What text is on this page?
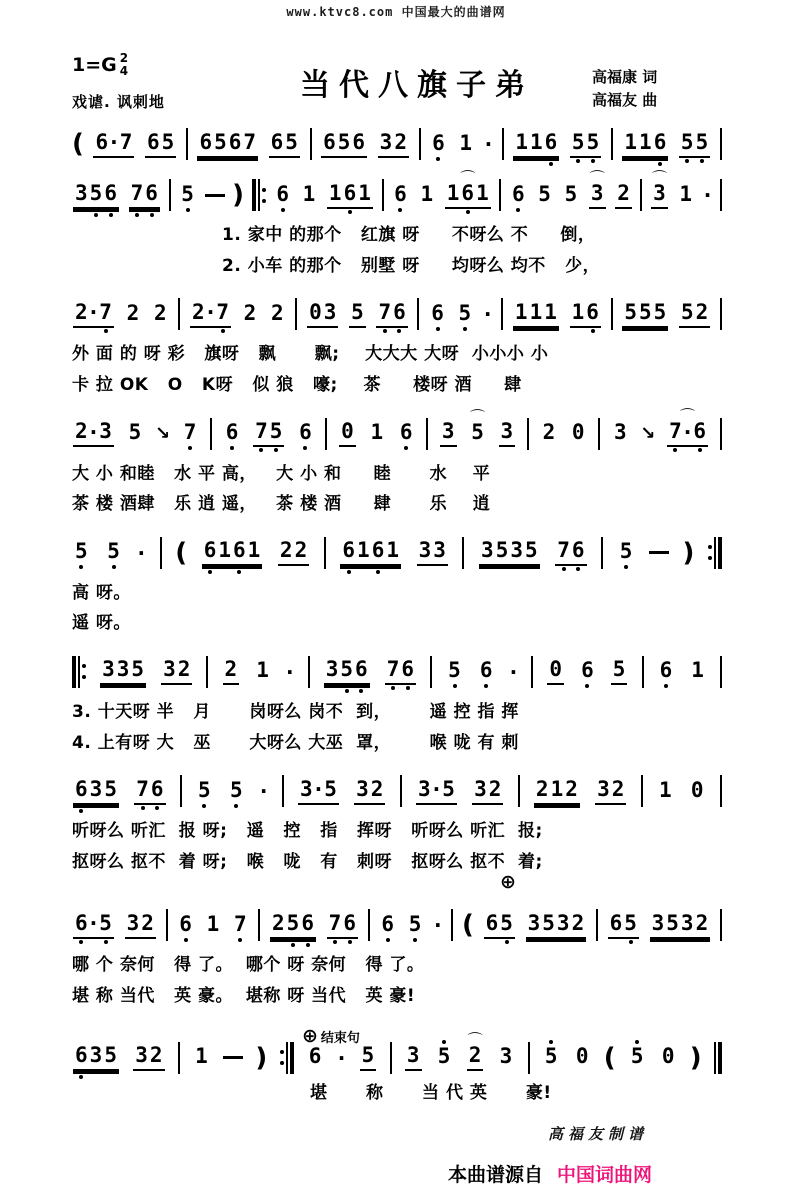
www.ktvc8.com 中国最大的曲谱网
1=G 2
4
戏谑. 讽刺地	当代八旗子弟	高福康 词
高福友 曲
( 6 · 7 6 5 6 5 6 7 6 5 6 5 6 3 2 6 1 · 1 1 6 5 5 1 1 6 5 5
3 5 6 7 6 5 ) 6 1 1 6 1 6 1 ⌒ 1 6 1 6 5 5 ⌒ 3 2 ⌒ 3 1 ·
1. 家中 的那个   红旗 呀     不呀么 不     倒，
2. 小车 的那个   别墅 呀     均呀么 均不   少，
2 · 7 2 2 2 · 7 2 2 0 3 5 7 6 6 5 · 1 1 1 1 6 5 5 5 5 2
外 面 的 呀 彩   旗呀   飘      飘;    大大大 大呀  小小小 小
卡 拉 OK   O   K呀   似 狼   嚎;    茶     楼呀 酒     肆
2 · 3 5 ↘ 7 6 7 5 6 0 1 6 3 ⌒ 5 3 2 0 3 ↘ ⌒ 7 · 6
大 小 和睦   水 平 高，   大 小 和     睦      水    平
茶 楼 酒肆   乐 逍 遥，   茶 楼 酒     肆      乐    逍
5 5 · ( 6 1 6 1 2 2 6 1 6 1 3 3 3 5 3 5 7 6 5 )
高 呀。
遥 呀。
3 3 5 3 2 2 1 · 3 5 6 7 6 5 6 · 0 6 5 6 1
3. 十天呀 半   月      岗呀么 岗不  到，      遥 控 指 挥
4. 上有呀 大   巫      大呀么 大巫  罩，      喉 咙 有 刺
6 3 5 7 6 5 5 · 3 · 5 3 2 3 · 5 3 2 2 1 2 3 2 1 0
听呀么 听汇  报 呀;   遥   控   指   挥呀   听呀么 听汇  报;
抠呀么 抠不  着 呀;   喉   咙   有   刺呀   抠呀么 抠不  着;
⊕
6 · 5 3 2 6 1 7 2 5 6 7 6 6 5 · ( 6 5 3 5 3 2 6 5 3 5 3 2
哪 个 奈何   得 了。  哪个 呀 奈何   得 了。
堪 称 当代   英 豪。  堪称 呀 当代   英 豪!
⊕ 结束句
6 3 5 3 2 1 ) 6 · 5 3 5 ⌒ 2 3 5 0 ( 5 0 )
堪      称      当 代 英      豪!
高福友制谱
本曲谱源自 中国词曲网
